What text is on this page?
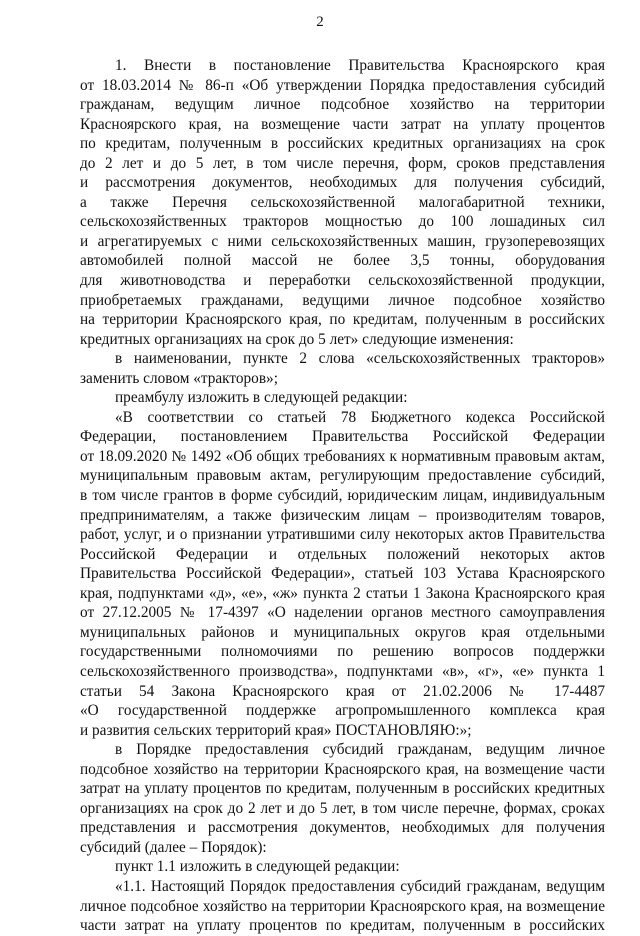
2
1. Внести в постановление Правительства Красноярского края
от 18.03.2014 № 86-п «Об утверждении Порядка предоставления субсидий
гражданам, ведущим личное подсобное хозяйство на территории
Красноярского края, на возмещение части затрат на уплату процентов
по кредитам, полученным в российских кредитных организациях на срок
до 2 лет и до 5 лет, в том числе перечня, форм, сроков представления
и рассмотрения документов, необходимых для получения субсидий,
а также Перечня сельскохозяйственной малогабаритной техники,
сельскохозяйственных тракторов мощностью до 100 лошадиных сил
и агрегатируемых с ними сельскохозяйственных машин, грузоперевозящих
автомобилей полной массой не более 3,5 тонны, оборудования
для животноводства и переработки сельскохозяйственной продукции,
приобретаемых гражданами, ведущими личное подсобное хозяйство
на территории Красноярского края, по кредитам, полученным в российских
кредитных организациях на срок до 5 лет» следующие изменения:
в наименовании, пункте 2 слова «сельскохозяйственных тракторов»
заменить словом «тракторов»;
преамбулу изложить в следующей редакции:
«В соответствии со статьей 78 Бюджетного кодекса Российской
Федерации, постановлением Правительства Российской Федерации
от 18.09.2020 № 1492 «Об общих требованиях к нормативным правовым актам,
муниципальным правовым актам, регулирующим предоставление субсидий,
в том числе грантов в форме субсидий, юридическим лицам, индивидуальным
предпринимателям, а также физическим лицам – производителям товаров,
работ, услуг, и о признании утратившими силу некоторых актов Правительства
Российской Федерации и отдельных положений некоторых актов
Правительства Российской Федерации», статьей 103 Устава Красноярского
края, подпунктами «д», «е», «ж» пункта 2 статьи 1 Закона Красноярского края
от 27.12.2005 № 17-4397 «О наделении органов местного самоуправления
муниципальных районов и муниципальных округов края отдельными
государственными полномочиями по решению вопросов поддержки
сельскохозяйственного производства», подпунктами «в», «г», «е» пункта 1
статьи 54 Закона Красноярского края от 21.02.2006 № 17-4487
«О государственной поддержке агропромышленного комплекса края
и развития сельских территорий края» ПОСТАНОВЛЯЮ:»;
в Порядке предоставления субсидий гражданам, ведущим личное
подсобное хозяйство на территории Красноярского края, на возмещение части
затрат на уплату процентов по кредитам, полученным в российских кредитных
организациях на срок до 2 лет и до 5 лет, в том числе перечне, формах, сроках
представления и рассмотрения документов, необходимых для получения
субсидий (далее – Порядок):
пункт 1.1 изложить в следующей редакции:
«1.1. Настоящий Порядок предоставления субсидий гражданам, ведущим
личное подсобное хозяйство на территории Красноярского края, на возмещение
части затрат на уплату процентов по кредитам, полученным в российских
